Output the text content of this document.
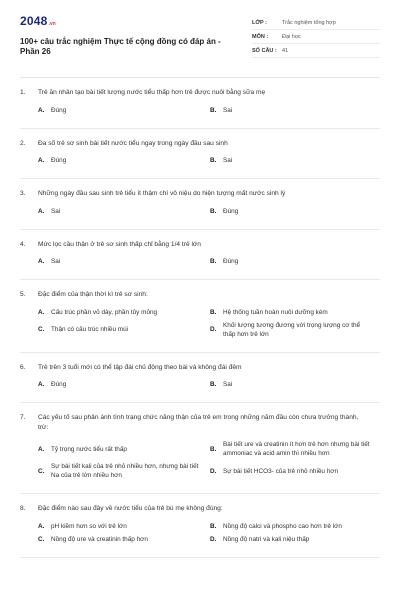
2048 .vn
100+ câu trắc nghiệm Thực tế cộng đồng có đáp án - Phần 26
LỚP :	Trắc nghiệm tổng hợp
MÔN :	Đại học
SỐ CÂU : 41
1.	Trẻ ăn nhân tạo bài tiết lượng nước tiểu thấp hơn trẻ được nuôi bằng sữa mẹ
A.	Đúng	B.	Sai
2.	Đa số trẻ sơ sinh bài tiết nước tiểu ngay trong ngày đầu sau sinh
A.	Đúng	B.	Sai
3.	Những ngày đầu sau sinh trẻ tiểu ít thậm chí vô niệu do hiện tượng mất nước sinh lý
A.	Sai	B.	Đúng
4.	Mức lọc cầu thận ở trẻ sơ sinh thấp chỉ bằng 1/4 trẻ lớn
A.	Sai	B.	Đúng
5.	Đặc điểm của thận thời kì trẻ sơ sinh:
A.	Cấu trúc phần vỏ dày, phần tủy mỏng	B.	Hệ thống tuần hoàn nuôi dưỡng kém
C.	Thận có cấu trúc nhiều múi	D.
Khối lượng tương đương với trọng lượng cơ thể thấp hơn trẻ lớn
6.	Trẻ trên 3 tuổi mới có thể tập đái chủ động theo bài và không đái đêm
A.	Đúng	B.	Sai
7.	Các yếu tố sau phản ánh tình trạng chức năng thận của trẻ em trong những năm đầu còn chưa trưởng thành, trừ:
A.	Tỷ trọng nước tiểu rất thấp	B.
Bài tiết ure và creatinin ít hơn trẻ hơn nhưng bài tiết ammoniac và acid amin thì nhiều hơn
C.
Sự bài tiết kali của trẻ nhỏ nhiều hơn, nhưng bài tiết Na của trẻ lớn nhiều hơn
D.	Sự bài tiết HCO3- của trẻ nhỏ nhiều hơn
8.	Đặc điểm nào sau đây về nước tiểu của trẻ bú mẹ không đúng:
A.	pH kiềm hơn so với trẻ lớn	B.	Nồng độ calci và phospho cao hơn trẻ lớn
C.	Nồng độ ure và creatinin thấp hơn	D.	Nồng độ natri và kali niệu thấp
